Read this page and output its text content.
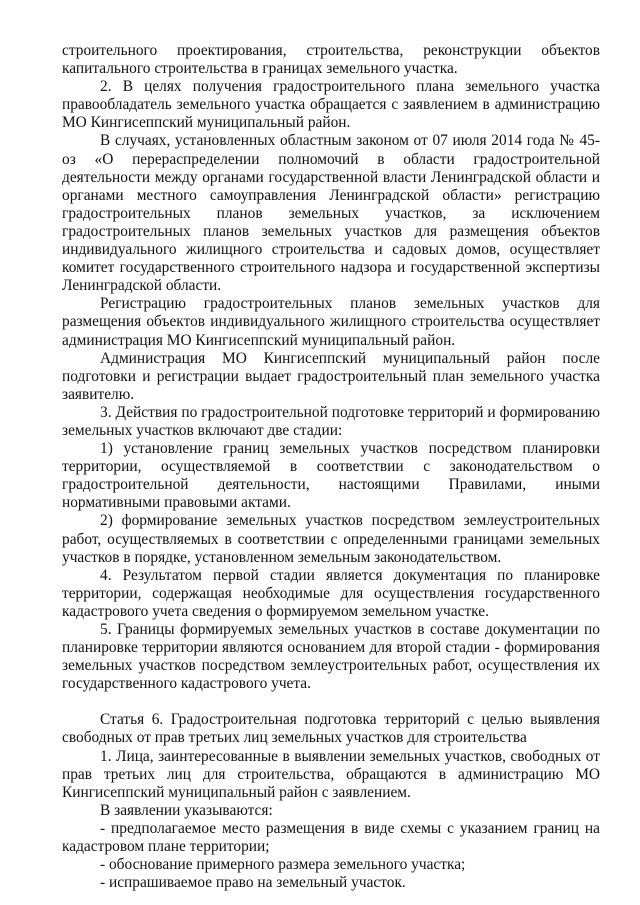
строительного проектирования, строительства, реконструкции объектов капитального строительства в границах земельного участка.

2. В целях получения градостроительного плана земельного участка правообладатель земельного участка обращается с заявлением в администрацию МО Кингисеппский муниципальный район.

В случаях, установленных областным законом от 07 июля 2014 года № 45-оз «О перераспределении полномочий в области градостроительной деятельности между органами государственной власти Ленинградской области и органами местного самоуправления Ленинградской области» регистрацию градостроительных планов земельных участков, за исключением градостроительных планов земельных участков для размещения объектов индивидуального жилищного строительства и садовых домов, осуществляет комитет государственного строительного надзора и государственной экспертизы Ленинградской области.

Регистрацию градостроительных планов земельных участков для размещения объектов индивидуального жилищного строительства осуществляет администрация МО Кингисеппский муниципальный район.

Администрация МО Кингисеппский муниципальный район после подготовки и регистрации выдает градостроительный план земельного участка заявителю.

3. Действия по градостроительной подготовке территорий и формированию земельных участков включают две стадии:

1) установление границ земельных участков посредством планировки территории, осуществляемой в соответствии с законодательством о градостроительной деятельности, настоящими Правилами, иными нормативными правовыми актами.

2) формирование земельных участков посредством землеустроительных работ, осуществляемых в соответствии с определенными границами земельных участков в порядке, установленном земельным законодательством.

4. Результатом первой стадии является документация по планировке территории, содержащая необходимые для осуществления государственного кадастрового учета сведения о формируемом земельном участке.

5. Границы формируемых земельных участков в составе документации по планировке территории являются основанием для второй стадии - формирования земельных участков посредством землеустроительных работ, осуществления их государственного кадастрового учета.

Статья 6. Градостроительная подготовка территорий с целью выявления свободных от прав третьих лиц земельных участков для строительства

1. Лица, заинтересованные в выявлении земельных участков, свободных от прав третьих лиц для строительства, обращаются в администрацию МО Кингисеппский муниципальный район с заявлением.

В заявлении указываются:

- предполагаемое место размещения в виде схемы с указанием границ на кадастровом плане территории;

- обоснование примерного размера земельного участка;

- испрашиваемое право на земельный участок.
